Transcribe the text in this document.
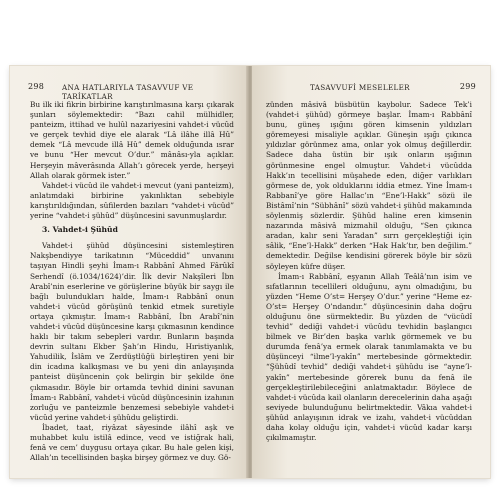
298 ANA HATLARIYLA TASAVVUF VE TARİKATLAR

Bu ilk iki fikrin birbirine karıştırılmasına karşı çıkarak şunları söylemektedir: “Bazı cahil mülhidler, panteizm, ittihad ve hulûl nazariyesini vahdet-i vücûd ve gerçek tevhid diye ele alarak “Lâ ilâhe illâ Hû” demek “Lâ mevcude illâ Hû” demek olduğunda ısrar ve bunu “Her mevcut O’dur.” mânâsı-yla açıklar. Herşeyin mâverâsında Allah’ı görecek yerde, herşeyi Allah olarak görmek ister.”

Vahdet-i vücûd ile vahdet-i mevcut (yani panteizm), anlatımdaki birbirine yakınlıktan sebebiyle karıştırıldığından, sûfilerden bazıları “vahdet-i vücûd” yerine “vahdet-i şühûd” düşüncesini savunmuşlardır.

3. Vahdet-i Şühûd

Vahdet-i şühûd düşüncesini sistemleştiren Nakşbendiyye tarikatının “Müceddid” unvanını taşıyan Hindli şeyhi İmam-ı Rabbânî Ahmed Fârûkî Serhendî (ö.1034/1624)’dir. İlk devir Nakşîleri İbn Arabî’nin eserlerine ve görüşlerine büyük bir saygı ile bağlı bulundukları halde, İmam-ı Rabbânî onun vahdet-i vücûd görüşünü tenkid etmek suretiyle ortaya çıkmıştır. İmam-ı Rabbânî, İbn Arabî’nin vahdet-i vücûd düşüncesine karşı çıkmasının kendince haklı bir takım sebepleri vardır. Bunların başında devrin sultanı Ekber Şah’ın Hindu, Hıristiyanlık, Yahudilik, İslâm ve Zerdüştlüğü birleştiren yeni bir din icadına kalkışması ve bu yeni din anlayışında panteist düşüncenin çok belirgin bir şekilde öne çıkmasıdır. Böyle bir ortamda tevhid dinini savunan İmam-ı Rabbânî, vahdet-i vücûd düşüncesinin izahının zorluğu ve panteizmle benzemesi sebebiyle vahdet-i vücûd yerine vahdet-i şühûdu geliştirdi.

İbadet, taat, riyâzat sâyesinde ilâhî aşk ve muhabbet kulu istilâ edince, vecd ve istiğrak hali, fenâ ve cem’ duygusu ortaya çıkar. Bu hale gelen kişi, Allah’ın tecellisinden başka birşey görmez ve duy. Gö-

TASAVVUFİ MESELELER	299

zünden mâsivâ büsbütün kaybolur. Sadece Tek’i (vahdet-i şühûd) görmeye başlar. İmam-ı Rabbânî bunu, güneş ışığını gören kimsenin yıldızları göremeyesi misaliyle açıklar. Güneşin ışığı çıkınca yıldızlar görünmez ama, onlar yok olmuş değillerdir. Sadece daha üstün bir ışık onların ışığının görünmesine engel olmuştur. Vahdet-i vücûdda Hakk’ın tecellisini müşahede eden, diğer varlıkları görmese de, yok olduklarını iddia etmez. Yine İmam-ı Rabbanî’ye göre Hallac’ın “Ene’l-Hakk” sözü ile Bistâmî’nin “Sübhânî” sözü vahdet-i şühûd makamında söylenmiş sözlerdir. Şühûd haline eren kimsenin nazarında mâsivâ mizmahil olduğu, “Sen çıkınca aradan, kalır seni Yaradan” sırrı gerçekleştiği için sâlik, “Ene’l-Hakk” derken “Hak Hak’tır, ben değilim.” demektedir. Değilse kendisini görerek böyle bir sözü söyleyen küfre düşer.

İmam-ı Rabbânî, eşyanın Allah Teâlâ’nın isim ve sıfatlarının tecellileri olduğunu, aynı olmadığını, bu yüzden “Heme O’st= Herşey O’dur.” yerine “Heme ez-O’st= Herşey O’ndandır.” düşüncesinin daha doğru olduğunu öne sürmektedir. Bu yüzden de “vücûdî tevhid” dediği vahdet-i vücûdu tevhidin başlangıcı bilmek ve Bir’den başka varlık görmemek ve bu durumda fenâ’ya ermek olarak tanımlamakta ve bu düşünceyi “ilme’l-yakîn” mertebesinde görmektedir. “Şühûdî tevhid” dediği vahdet-i şühûdu ise “ayne’l-yakîn” mertebesinde görerek bunu da fenâ ile gerçekleştirilebileceğini anlatmaktadır. Böylece de vahdet-i vücûda kail olanların derecelerinin daha aşağı seviyede bulunduğunu belirtmektedir. Vâkıa vahdet-i şühûd anlayışının idrak ve izahı, vahdet-i vücûddan daha kolay olduğu için, vahdet-i vücûd kadar karşı çıkılmamıştır.
